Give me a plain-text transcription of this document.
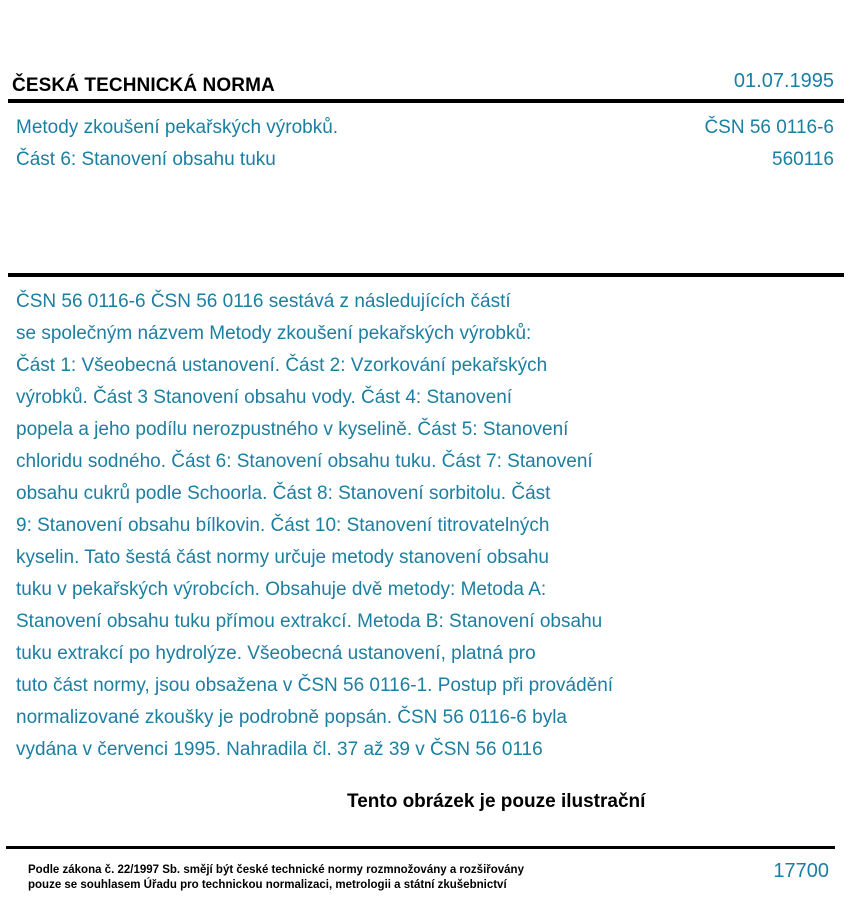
ČESKÁ TECHNICKÁ NORMA	01.07.1995
Metody zkoušení pekařských výrobků.
Část 6: Stanovení obsahu tuku
ČSN 56 0116-6
560116

ČSN 56 0116-6 ČSN 56 0116 sestává z následujících částí
se společným názvem Metody zkoušení pekařských výrobků:
Část 1: Všeobecná ustanovení. Část 2: Vzorkování pekařských
výrobků. Část 3 Stanovení obsahu vody. Část 4: Stanovení
popela a jeho podílu nerozpustného v kyselině. Část 5: Stanovení
chloridu sodného. Část 6: Stanovení obsahu tuku. Část 7: Stanovení
obsahu cukrů podle Schoorla. Část 8: Stanovení sorbitolu. Část
9: Stanovení obsahu bílkovin. Část 10: Stanovení titrovatelných
kyselin. Tato šestá část normy určuje metody stanovení obsahu
tuku v pekařských výrobcích. Obsahuje dvě metody: Metoda A:
Stanovení obsahu tuku přímou extrakcí. Metoda B: Stanovení obsahu
tuku extrakcí po hydrolýze. Všeobecná ustanovení, platná pro
tuto část normy, jsou obsažena v ČSN 56 0116-1. Postup při provádění
normalizované zkoušky je podrobně popsán. ČSN 56 0116-6 byla
vydána v červenci 1995. Nahradila čl. 37 až 39 v ČSN 56 0116

Tento obrázek je pouze ilustrační
Podle zákona č. 22/1997 Sb. smějí být české technické normy rozmnožovány a rozšiřovány
pouze se souhlasem Úřadu pro technickou normalizaci, metrologii a státní zkušebnictví
17700
